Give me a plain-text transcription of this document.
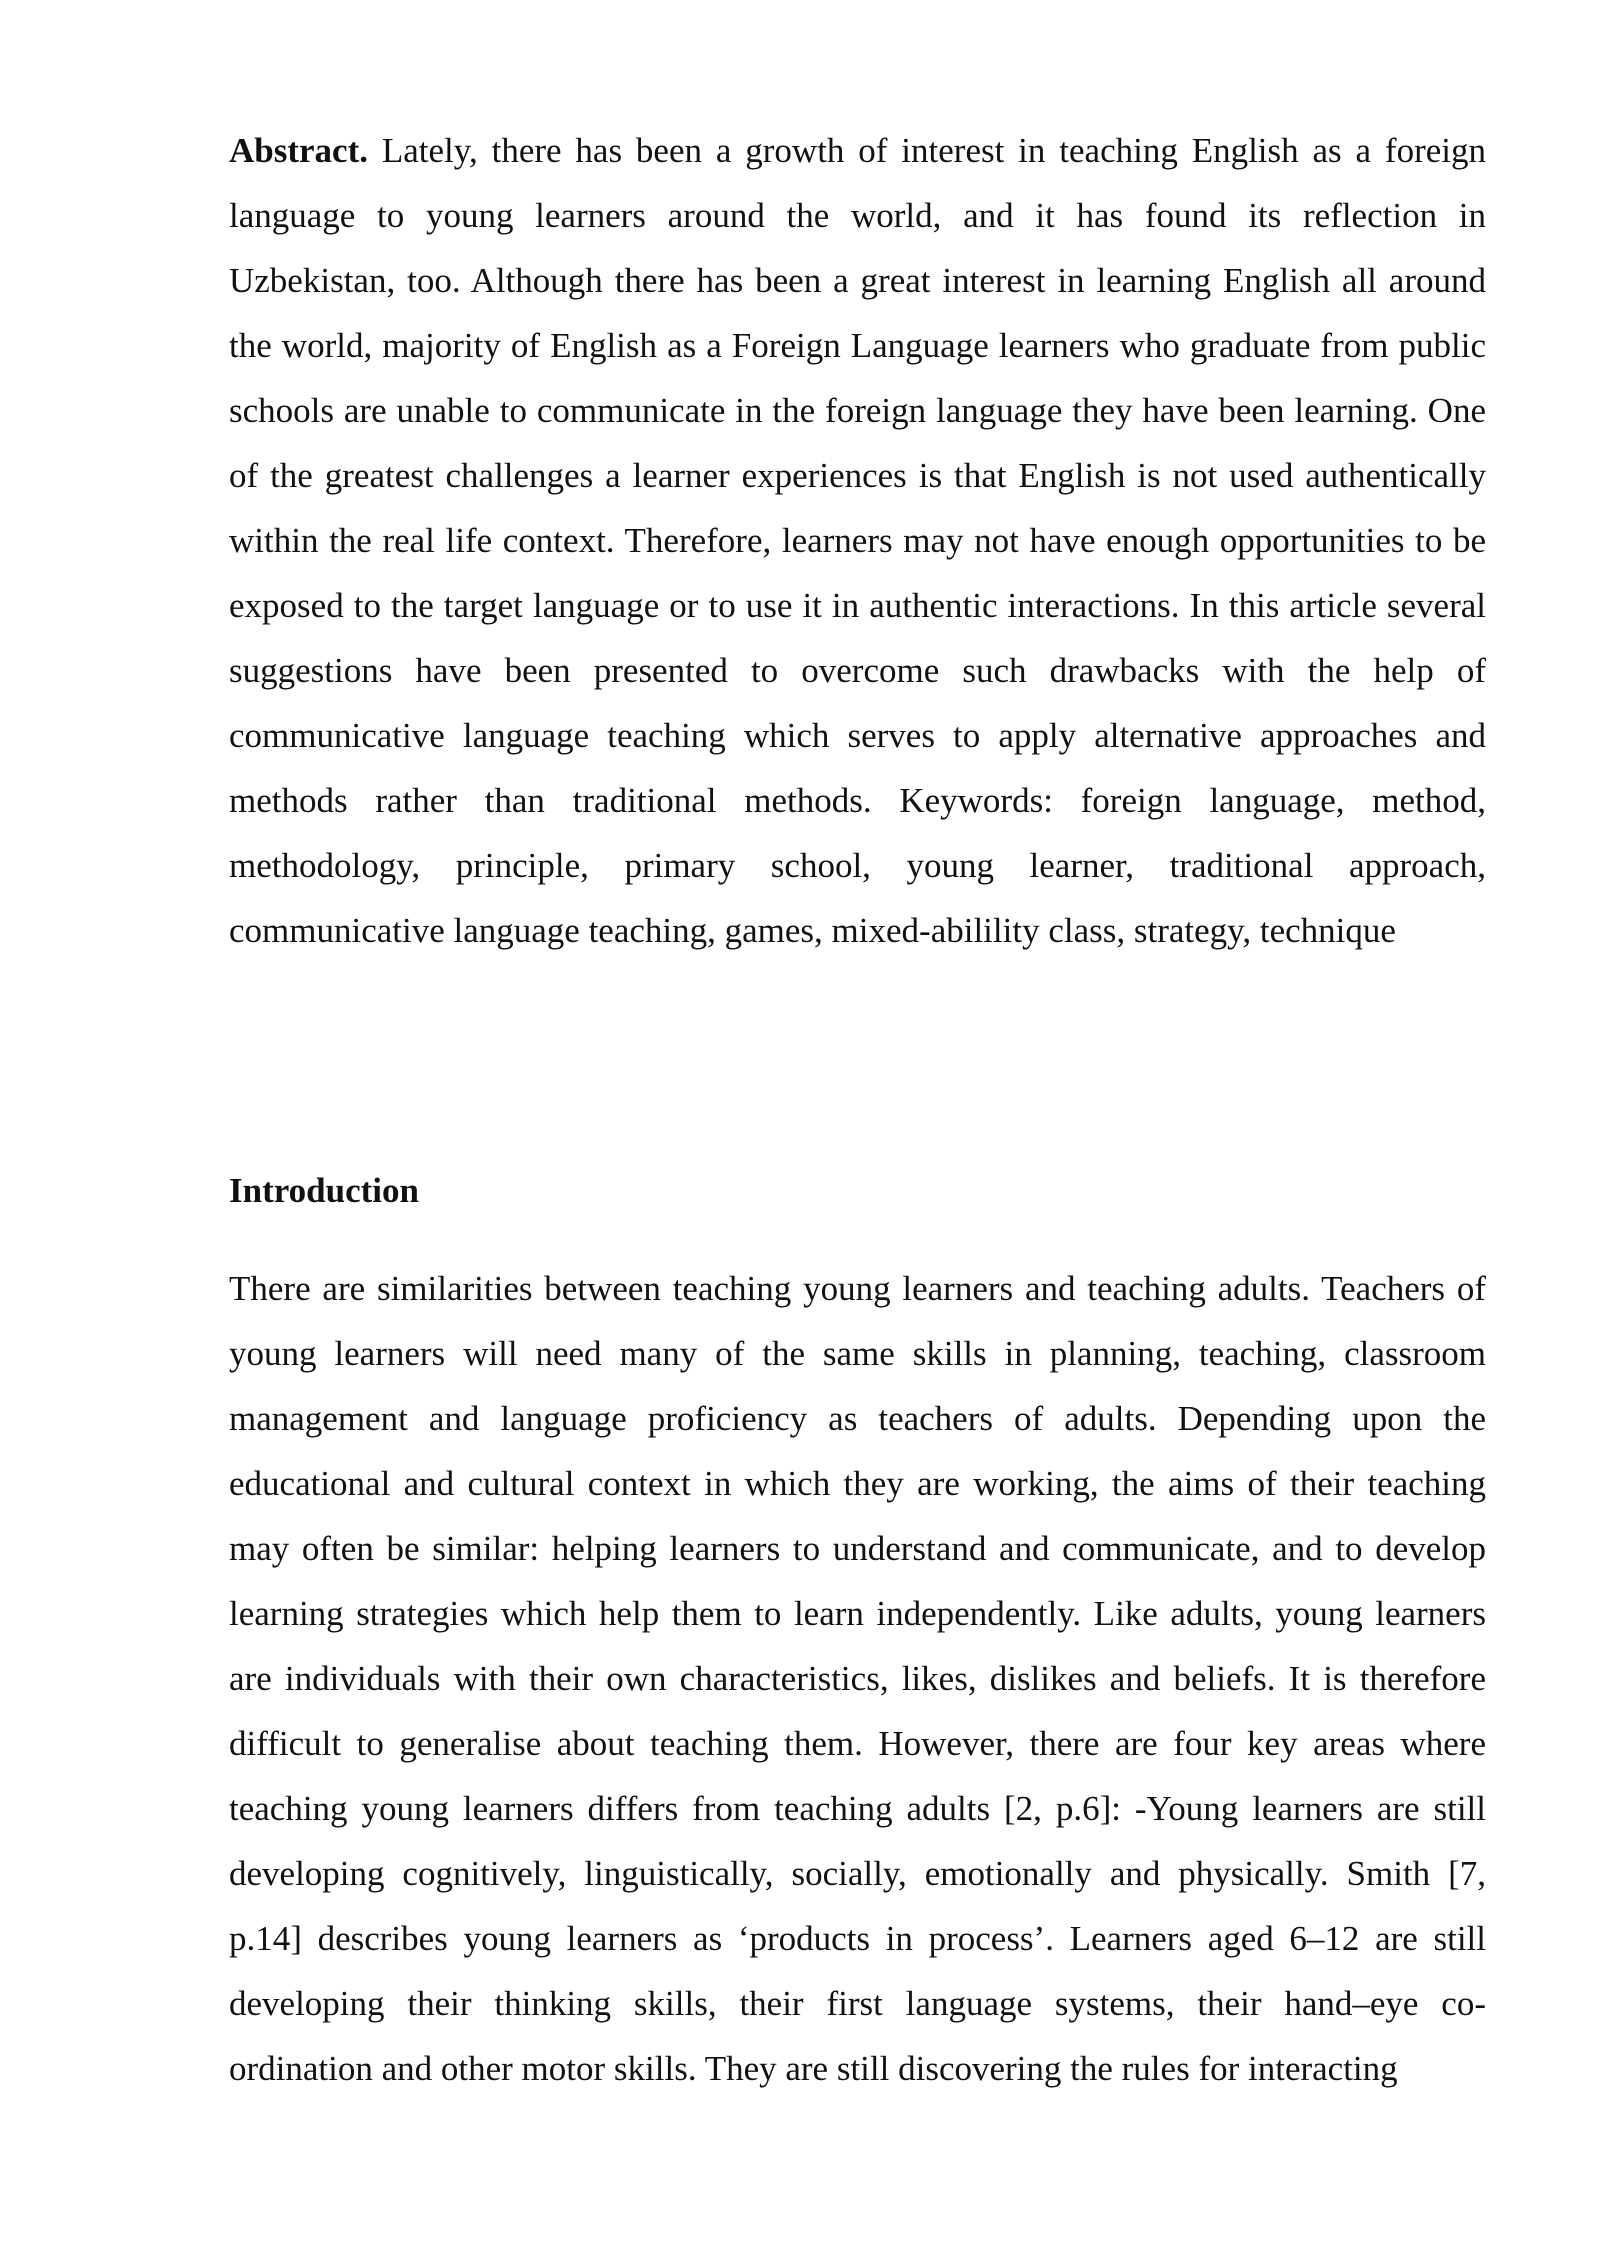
Abstract. Lately, there has been a growth of interest in teaching English as a foreign language to young learners around the world, and it has found its reflection in Uzbekistan, too. Although there has been a great interest in learning English all around the world, majority of English as a Foreign Language learners who graduate from public schools are unable to communicate in the foreign language they have been learning. One of the greatest challenges a learner experiences is that English is not used authentically within the real life context. Therefore, learners may not have enough opportunities to be exposed to the target language or to use it in authentic interactions. In this article several suggestions have been presented to overcome such drawbacks with the help of communicative language teaching which serves to apply alternative approaches and methods rather than traditional methods. Keywords: foreign language, method, methodology, principle, primary school, young learner, traditional approach, communicative language teaching, games, mixed-abilility class, strategy, technique

Introduction

There are similarities between teaching young learners and teaching adults. Teachers of young learners will need many of the same skills in planning, teaching, classroom management and language proficiency as teachers of adults. Depending upon the educational and cultural context in which they are working, the aims of their teaching may often be similar: helping learners to understand and communicate, and to develop learning strategies which help them to learn independently. Like adults, young learners are individuals with their own characteristics, likes, dislikes and beliefs. It is therefore difficult to generalise about teaching them. However, there are four key areas where teaching young learners differs from teaching adults [2, p.6]: -Young learners are still developing cognitively, linguistically, socially, emotionally and physically. Smith [7, p.14] describes young learners as ‘products in process’. Learners aged 6–12 are still developing their thinking skills, their first language systems, their hand–eye co-ordination and other motor skills. They are still discovering the rules for interacting
